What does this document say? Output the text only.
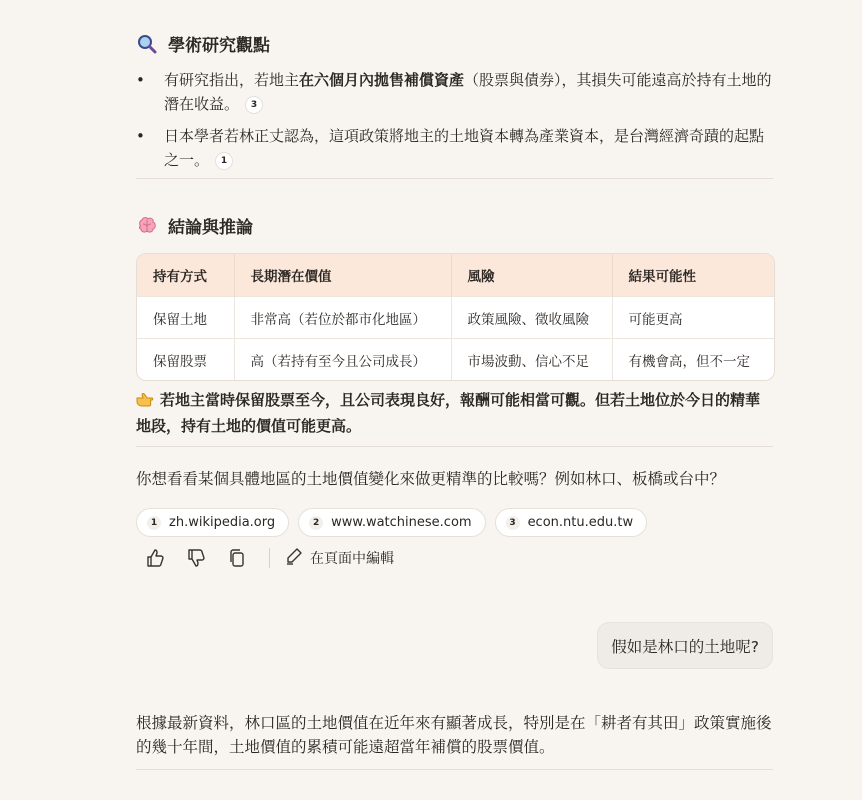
學術研究觀點
• 有研究指出，若地主在六個月內拋售補償資產（股票與債券），其損失可能遠高於持有土地的潛在收益。 3
• 日本學者若林正丈認為，這項政策將地主的土地資本轉為產業資本，是台灣經濟奇蹟的起點之一。 1
結論與推論
持有方式	長期潛在價值	風險	結果可能性
保留土地	非常高（若位於都市化地區）	政策風險、徵收風險	可能更高
保留股票	高（若持有至今且公司成長）	市場波動、信心不足	有機會高，但不一定
若地主當時保留股票至今，且公司表現良好，報酬可能相當可觀。但若土地位於今日的精華地段，持有土地的價值可能更高。
你想看看某個具體地區的土地價值變化來做更精準的比較嗎？例如林口、板橋或台中？
1 zh.wikipedia.org	2 www.watchinese.com	3 econ.ntu.edu.tw
在頁面中編輯
假如是林口的土地呢?
根據最新資料，林口區的土地價值在近年來有顯著成長，特別是在「耕者有其田」政策實施後的幾十年間，土地價值的累積可能遠超當年補償的股票價值。
